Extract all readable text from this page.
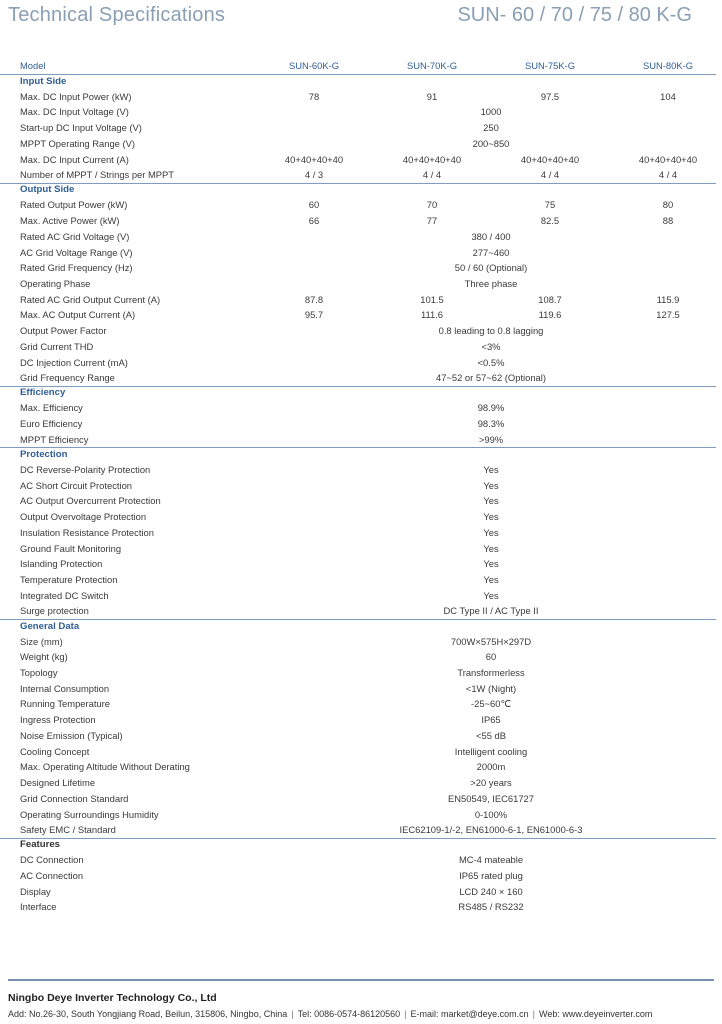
Technical Specifications	SUN- 60 / 70 / 75 / 80 K-G
Model	SUN-60K-G	SUN-70K-G	SUN-75K-G	SUN-80K-G
Input Side
Max. DC Input Power (kW)	78	91	97.5	104
Max. DC Input Voltage (V)	1000
Start-up DC Input Voltage (V)	250
MPPT Operating Range (V)	200~850
Max. DC Input Current (A)	40+40+40+40	40+40+40+40	40+40+40+40	40+40+40+40
Number of MPPT / Strings per MPPT	4 / 3	4 / 4	4 / 4	4 / 4
Output Side
Rated Output Power (kW)	60	70	75	80
Max. Active Power (kW)	66	77	82.5	88
Rated AC Grid Voltage (V)	380 / 400
AC Grid Voltage Range (V)	277~460
Rated Grid Frequency (Hz)	50 / 60 (Optional)
Operating Phase	Three phase
Rated AC Grid Output Current (A)	87.8	101.5	108.7	115.9
Max. AC Output Current (A)	95.7	111.6	119.6	127.5
Output Power Factor	0.8 leading to 0.8 lagging
Grid Current THD	<3%
DC Injection Current (mA)	<0.5%
Grid Frequency Range	47~52 or 57~62 (Optional)
Efficiency
Max. Efficiency	98.9%
Euro Efficiency	98.3%
MPPT Efficiency	>99%
Protection
DC Reverse-Polarity Protection	Yes
AC Short Circuit Protection	Yes
AC Output Overcurrent Protection	Yes
Output Overvoltage Protection	Yes
Insulation Resistance Protection	Yes
Ground Fault Monitoring	Yes
Islanding Protection	Yes
Temperature Protection	Yes
Integrated DC Switch	Yes
Surge protection	DC Type II / AC Type II
General Data
Size (mm)	700W×575H×297D
Weight (kg)	60
Topology	Transformerless
Internal Consumption	<1W (Night)
Running Temperature	-25~60℃
Ingress Protection	IP65
Noise Emission (Typical)	<55 dB
Cooling Concept	Intelligent cooling
Max. Operating Altitude Without Derating	2000m
Designed Lifetime	>20 years
Grid Connection Standard	EN50549, IEC61727
Operating Surroundings Humidity	0-100%
Safety EMC / Standard	IEC62109-1/-2, EN61000-6-1, EN61000-6-3
Features
DC Connection	MC-4 mateable
AC Connection	IP65 rated plug
Display	LCD 240 × 160
Interface	RS485 / RS232
Ningbo Deye Inverter Technology Co., Ltd
Add: No.26-30, South Yongjiang Road, Beilun, 315806, Ningbo, China | Tel: 0086-0574-86120560 | E-mail: market@deye.com.cn | Web: www.deyeinverter.com
